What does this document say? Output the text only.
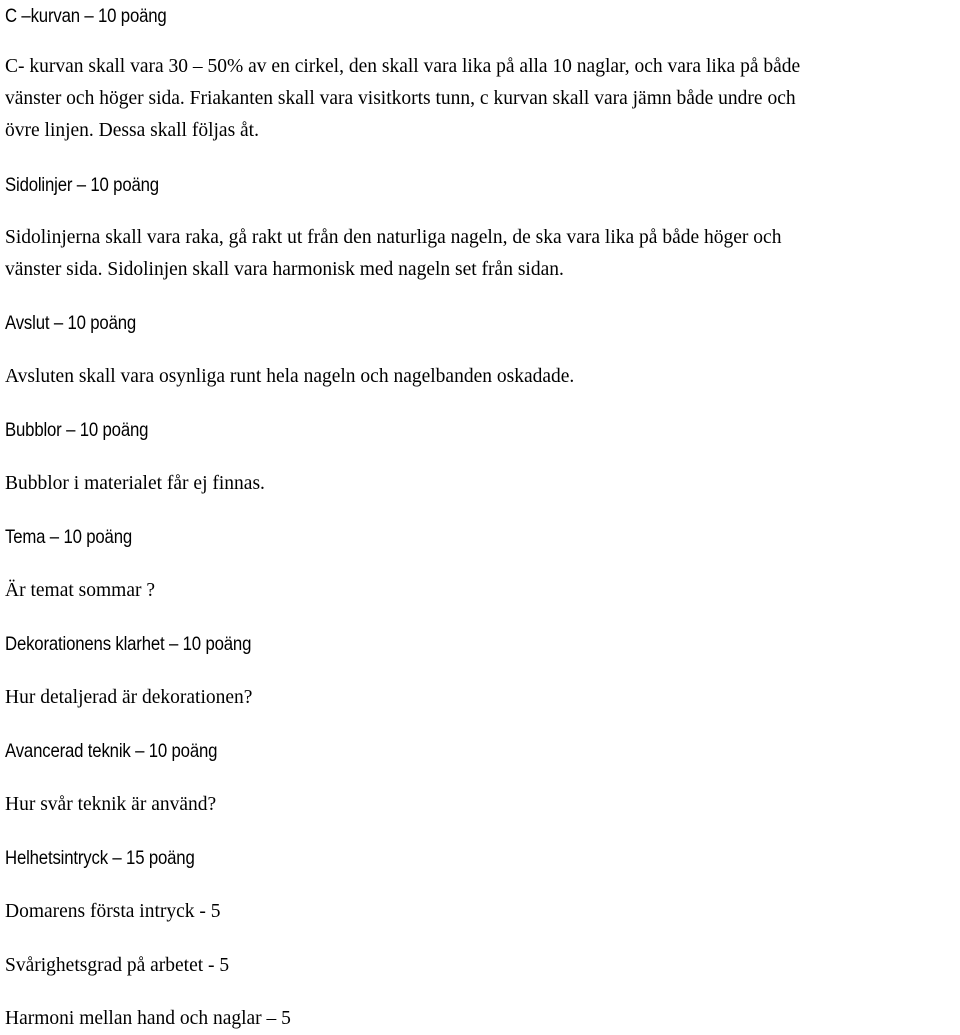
C –kurvan – 10 poäng

C- kurvan skall vara 30 – 50% av en cirkel, den skall vara lika på alla 10 naglar, och vara lika på både

vänster och höger sida. Friakanten skall vara visitkorts tunn, c kurvan skall vara jämn både undre och

övre linjen. Dessa skall följas åt.

Sidolinjer – 10 poäng

Sidolinjerna skall vara raka, gå rakt ut från den naturliga nageln, de ska vara lika på både höger och

vänster sida. Sidolinjen skall vara harmonisk med nageln set från sidan.

Avslut – 10 poäng

Avsluten skall vara osynliga runt hela nageln och nagelbanden oskadade.

Bubblor – 10 poäng

Bubblor i materialet får ej finnas.

Tema – 10 poäng

Är temat sommar ?

Dekorationens klarhet – 10 poäng

Hur detaljerad är dekorationen?

Avancerad teknik – 10 poäng

Hur svår teknik är använd?

Helhetsintryck – 15 poäng

Domarens första intryck - 5

Svårighetsgrad på arbetet - 5

Harmoni mellan hand och naglar – 5
